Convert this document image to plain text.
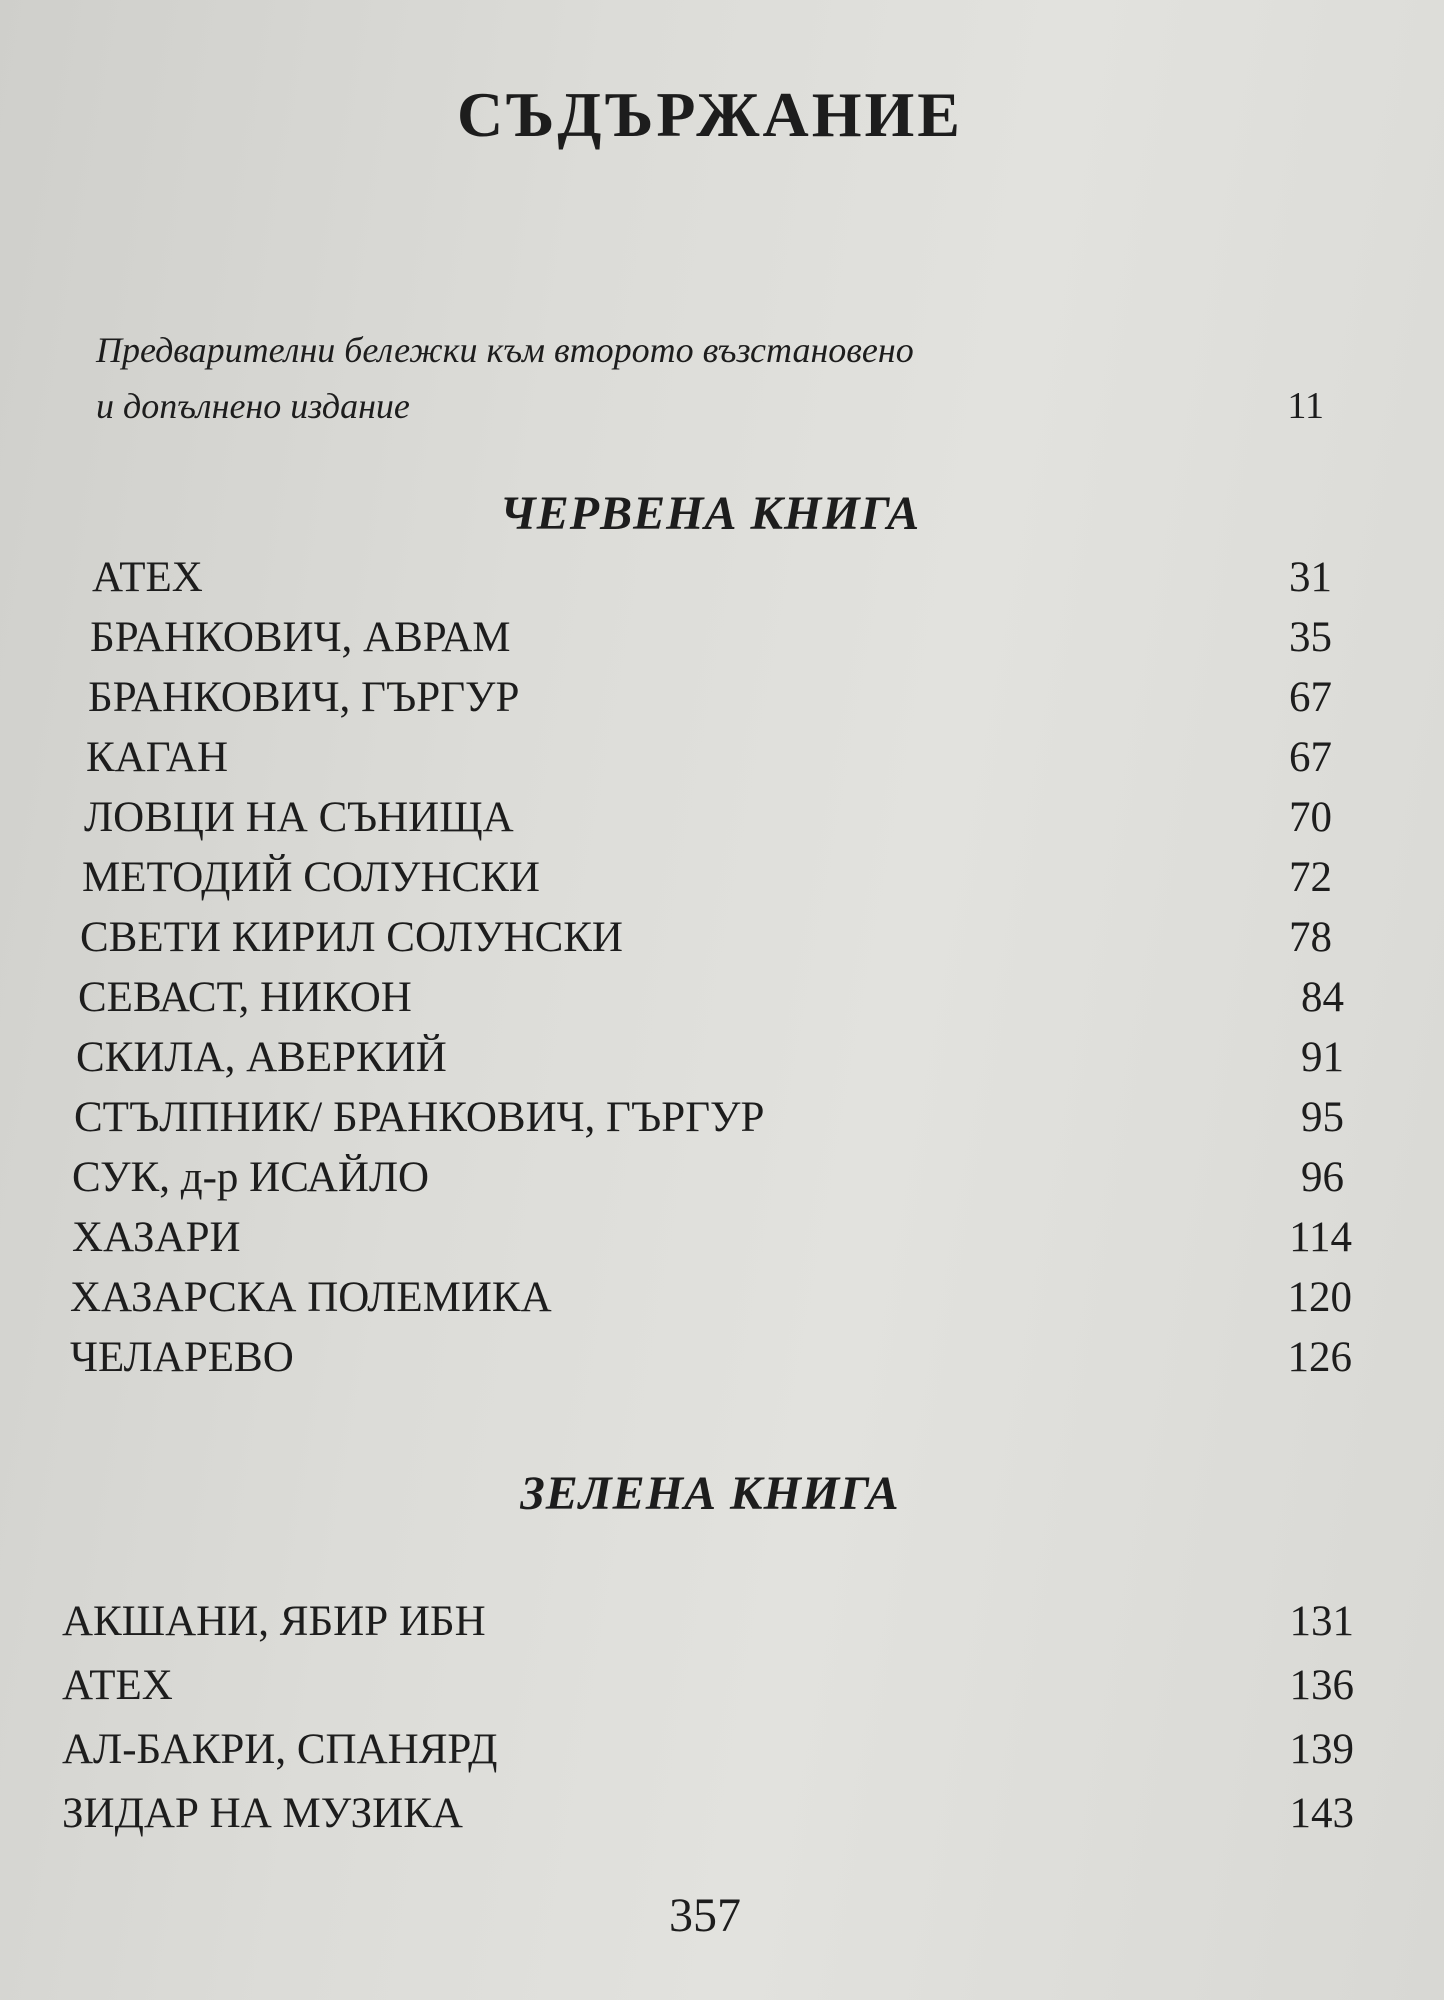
СЪДЪРЖАНИЕ
Предварителни бележки към второто възстановено
и допълнено издание	11
ЧЕРВЕНА КНИГА
АТЕХ	31
БРАНКОВИЧ, АВРАМ	35
БРАНКОВИЧ, ГЪРГУР	67
КАГАН	67
ЛОВЦИ НА СЪНИЩА	70
МЕТОДИЙ СОЛУНСКИ	72
СВЕТИ КИРИЛ СОЛУНСКИ	78
СЕВАСТ, НИКОН	84
СКИЛА, АВЕРКИЙ	91
СТЪЛПНИК/ БРАНКОВИЧ, ГЪРГУР	95
СУК, д-р ИСАЙЛО	96
ХАЗАРИ	114
ХАЗАРСКА ПОЛЕМИКА	120
ЧЕЛАРЕВО	126
ЗЕЛЕНА КНИГА
АКШАНИ, ЯБИР ИБН	131
АТЕХ	136
АЛ-БАКРИ, СПАНЯРД	139
ЗИДАР НА МУЗИКА	143
357
